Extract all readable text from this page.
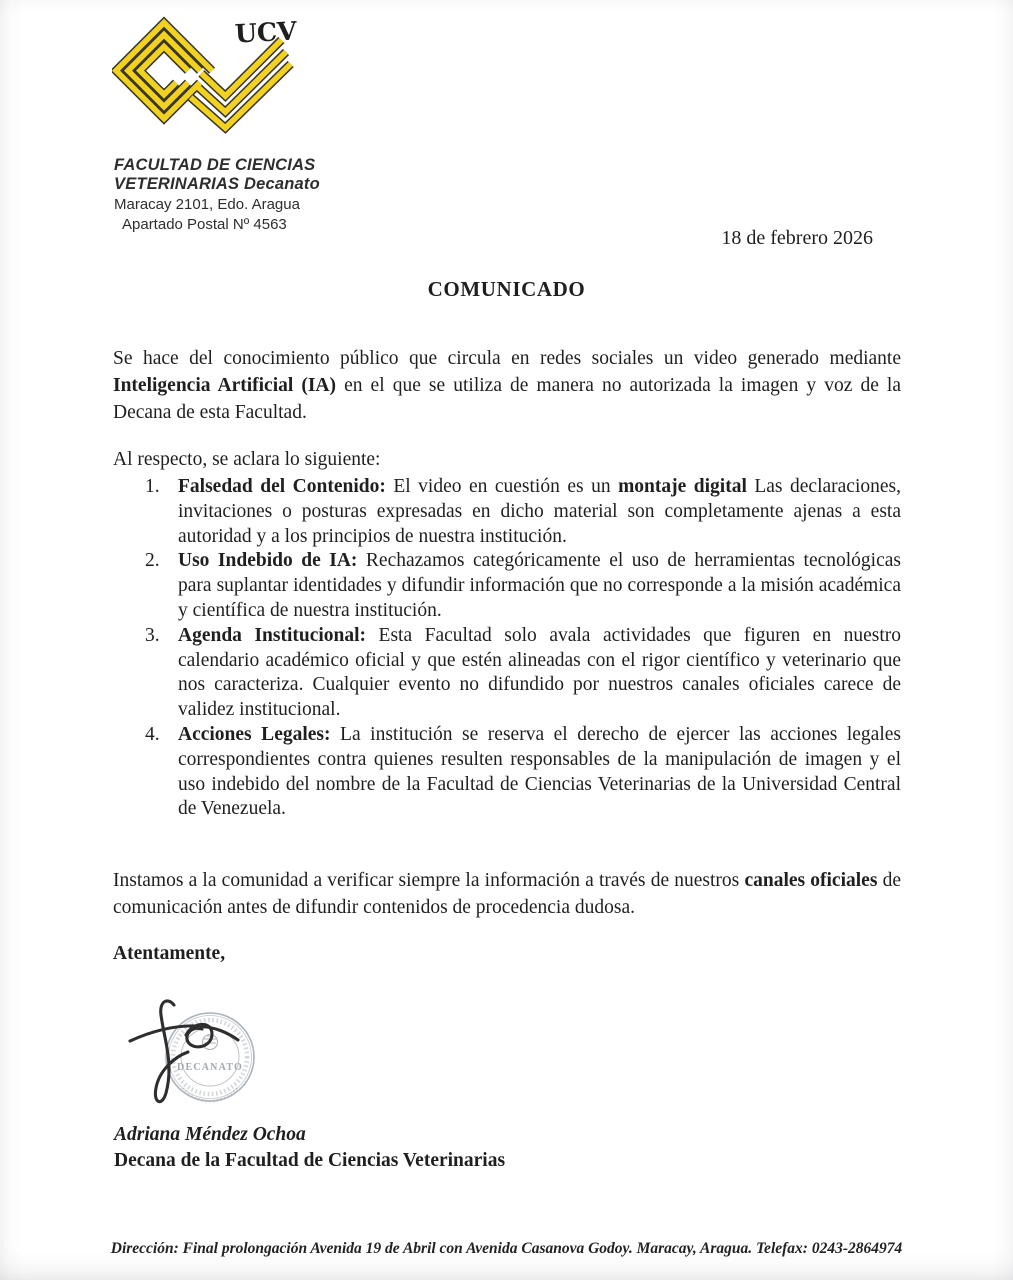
UCV
FACULTAD DE CIENCIAS
VETERINARIAS Decanato
Maracay 2101, Edo. Aragua
Apartado Postal Nº 4563
18 de febrero 2026
COMUNICADO

Se hace del conocimiento público que circula en redes sociales un video generado mediante Inteligencia Artificial (IA) en el que se utiliza de manera no autorizada la imagen y voz de la Decana de esta Facultad.

Al respecto, se aclara lo siguiente:

1. Falsedad del Contenido: El video en cuestión es un montaje digital Las declaraciones, invitaciones o posturas expresadas en dicho material son completamente ajenas a esta autoridad y a los principios de nuestra institución.
2. Uso Indebido de IA: Rechazamos categóricamente el uso de herramientas tecnológicas para suplantar identidades y difundir información que no corresponde a la misión académica y científica de nuestra institución.
3. Agenda Institucional: Esta Facultad solo avala actividades que figuren en nuestro calendario académico oficial y que estén alineadas con el rigor científico y veterinario que nos caracteriza. Cualquier evento no difundido por nuestros canales oficiales carece de validez institucional.
4. Acciones Legales: La institución se reserva el derecho de ejercer las acciones legales correspondientes contra quienes resulten responsables de la manipulación de imagen y el uso indebido del nombre de la Facultad de Ciencias Veterinarias de la Universidad Central de Venezuela.

Instamos a la comunidad a verificar siempre la información a través de nuestros canales oficiales de comunicación antes de difundir contenidos de procedencia dudosa.

Atentamente,

DECANATO
Adriana Méndez Ochoa
Decana de la Facultad de Ciencias Veterinarias
Dirección: Final prolongación Avenida 19 de Abril con Avenida Casanova Godoy. Maracay, Aragua. Telefax: 0243-2864974
